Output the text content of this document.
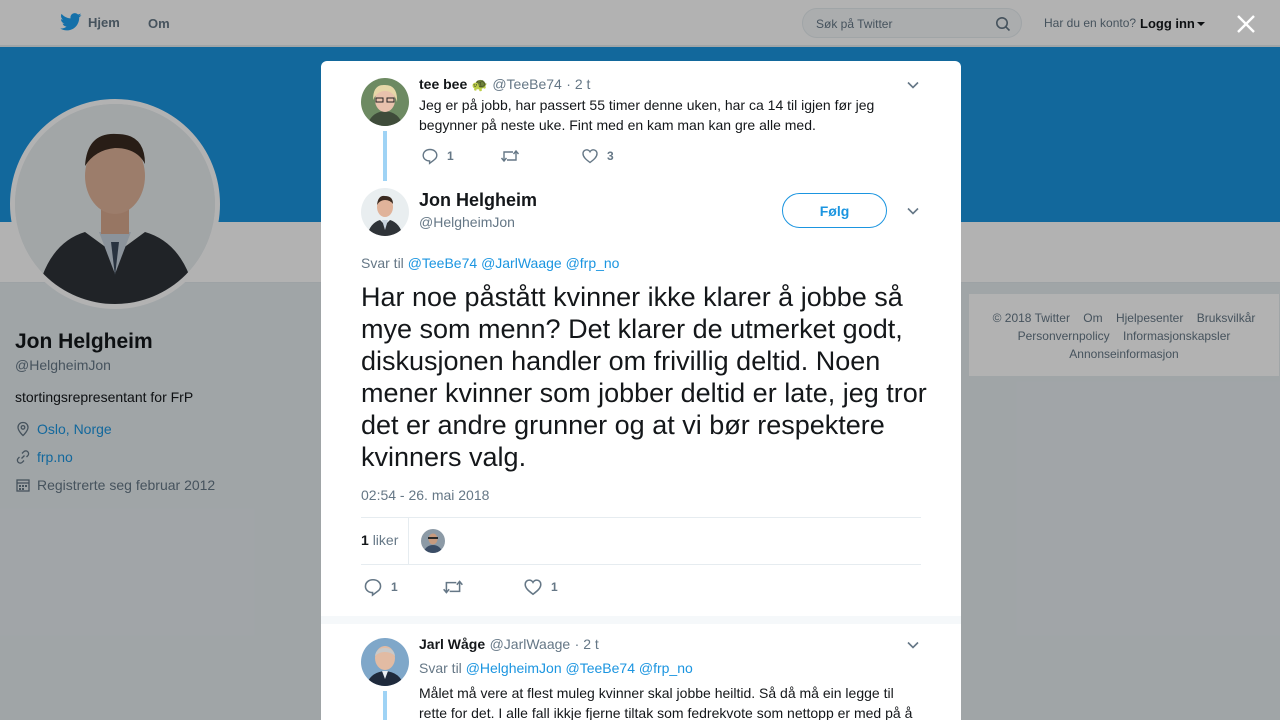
Hjem Om	Søk på Twitter	Har du en konto? Logg inn
Jon Helgheim
@HelgheimJon
stortingsrepresentant for FrP
Oslo, Norge
frp.no
Registrerte seg februar 2012
© 2018 Twitter Om Hjelpesenter Bruksvilkår
Personvernpolicy Informasjonskapsler
Annonseinformasjon
tee bee 🐢 @TeeBe74 · 2 t
Jeg er på jobb, har passert 55 timer denne uken, har ca 14 til igjen før jeg begynner på neste uke. Fint med en kam man kan gre alle med.
1	3
Jon Helgheim
@HelgheimJon
Følg
Svar til @TeeBe74 @JarlWaage @frp_no
Har noe påstått kvinner ikke klarer å jobbe så mye som menn? Det klarer de utmerket godt, diskusjonen handler om frivillig deltid. Noen mener kvinner som jobber deltid er late, jeg tror det er andre grunner og at vi bør respektere kvinners valg.
02:54 - 26. mai 2018
1 liker
1	1
Jarl Wåge @JarlWaage · 2 t
Svar til @HelgheimJon @TeeBe74 @frp_no
Målet må vere at flest muleg kvinner skal jobbe heiltid. Så då må ein legge til rette for det. I alle fall ikkje fjerne tiltak som fedrekvote som nettopp er med på å
